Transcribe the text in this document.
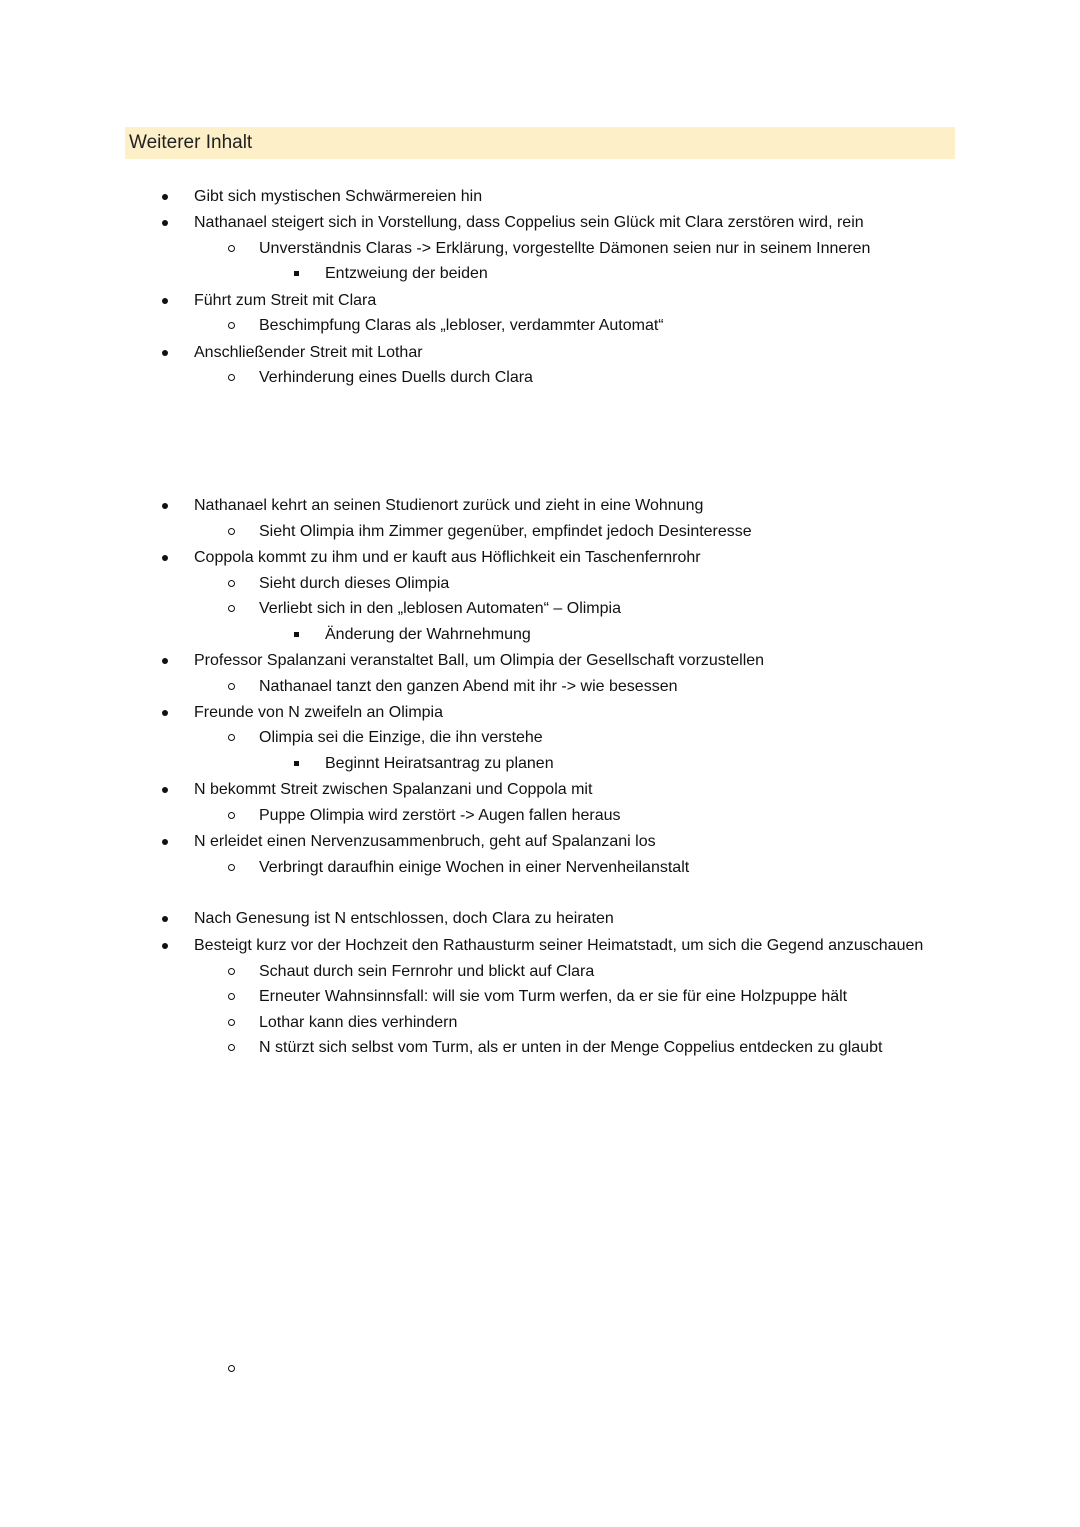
Weiterer Inhalt
Gibt sich mystischen Schwärmereien hin
Nathanael steigert sich in Vorstellung, dass Coppelius sein Glück mit Clara zerstören wird, rein
Unverständnis Claras -> Erklärung, vorgestellte Dämonen seien nur in seinem Inneren
Entzweiung der beiden
Führt zum Streit mit Clara
Beschimpfung Claras als „lebloser, verdammter Automat“
Anschließender Streit mit Lothar
Verhinderung eines Duells durch Clara
Nathanael kehrt an seinen Studienort zurück und zieht in eine Wohnung
Sieht Olimpia ihm Zimmer gegenüber, empfindet jedoch Desinteresse
Coppola kommt zu ihm und er kauft aus Höflichkeit ein Taschenfernrohr
Sieht durch dieses Olimpia
Verliebt sich in den „leblosen Automaten“ – Olimpia
Änderung der Wahrnehmung
Professor Spalanzani veranstaltet Ball, um Olimpia der Gesellschaft vorzustellen
Nathanael tanzt den ganzen Abend mit ihr -> wie besessen
Freunde von N zweifeln an Olimpia
Olimpia sei die Einzige, die ihn verstehe
Beginnt Heiratsantrag zu planen
N bekommt Streit zwischen Spalanzani und Coppola mit
Puppe Olimpia wird zerstört -> Augen fallen heraus
N erleidet einen Nervenzusammenbruch, geht auf Spalanzani los
Verbringt daraufhin einige Wochen in einer Nervenheilanstalt
Nach Genesung ist N entschlossen, doch Clara zu heiraten
Besteigt kurz vor der Hochzeit den Rathausturm seiner Heimatstadt, um sich die Gegend anzuschauen
Schaut durch sein Fernrohr und blickt auf Clara
Erneuter Wahnsinnsfall: will sie vom Turm werfen, da er sie für eine Holzpuppe hält
Lothar kann dies verhindern
N stürzt sich selbst vom Turm, als er unten in der Menge Coppelius entdecken zu glaubt
